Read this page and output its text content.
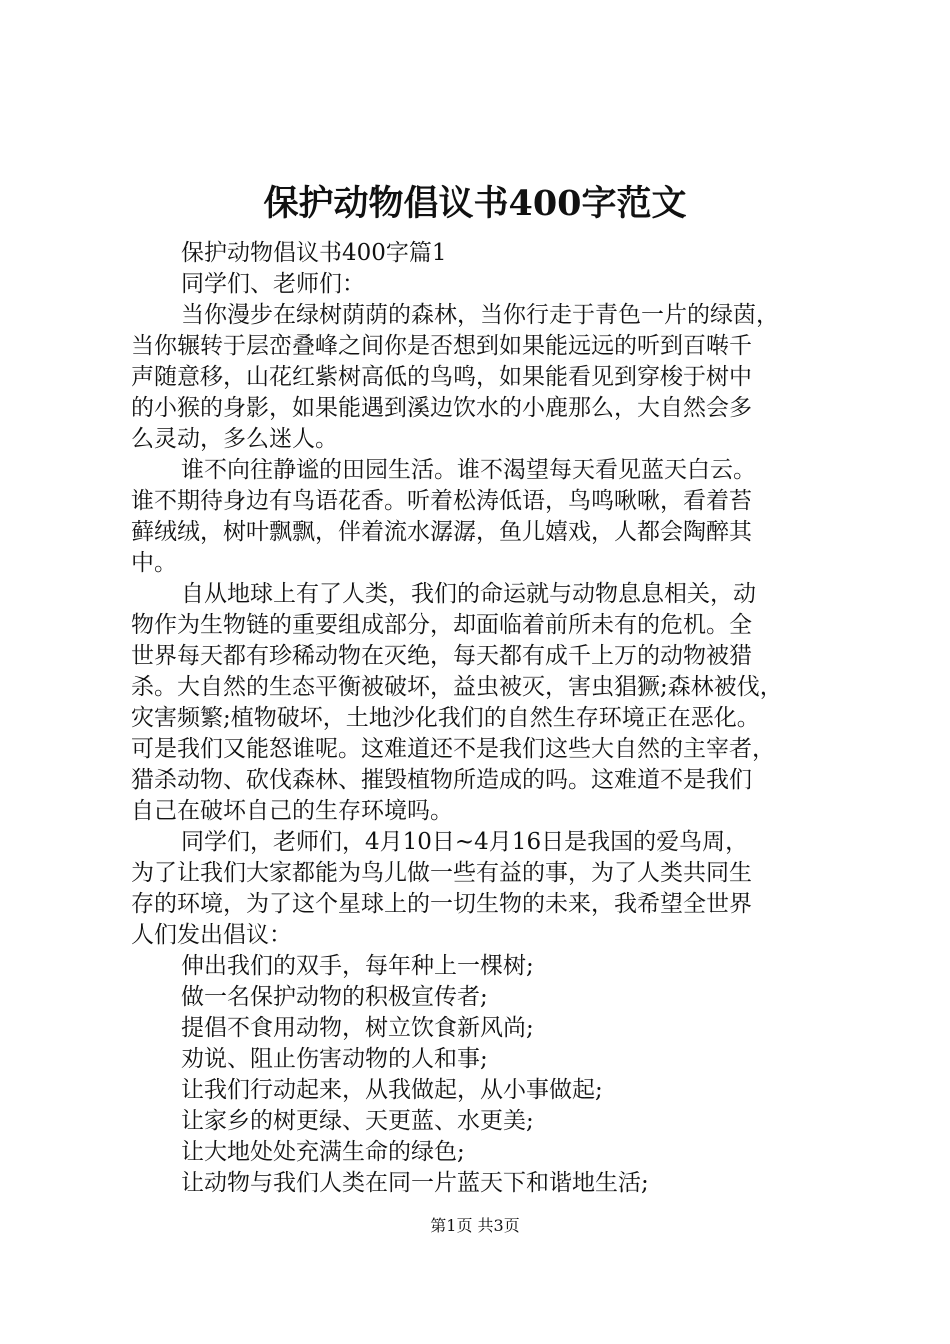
保护动物倡议书400字范文
保护动物倡议书400字篇1
同学们、老师们：
当你漫步在绿树荫荫的森林，当你行走于青色一片的绿茵，
当你辗转于层峦叠峰之间你是否想到如果能远远的听到百啭千
声随意移，山花红紫树高低的鸟鸣，如果能看见到穿梭于树中
的小猴的身影，如果能遇到溪边饮水的小鹿那么，大自然会多
么灵动，多么迷人。
谁不向往静谧的田园生活。谁不渴望每天看见蓝天白云。
谁不期待身边有鸟语花香。听着松涛低语，鸟鸣啾啾，看着苔
藓绒绒，树叶飘飘，伴着流水潺潺，鱼儿嬉戏，人都会陶醉其
中。
自从地球上有了人类，我们的命运就与动物息息相关，动
物作为生物链的重要组成部分，却面临着前所未有的危机。全
世界每天都有珍稀动物在灭绝，每天都有成千上万的动物被猎
杀。大自然的生态平衡被破坏，益虫被灭，害虫猖獗;森林被伐，
灾害频繁;植物破坏，土地沙化我们的自然生存环境正在恶化。
可是我们又能怒谁呢。这难道还不是我们这些大自然的主宰者，
猎杀动物、砍伐森林、摧毁植物所造成的吗。这难道不是我们
自己在破坏自己的生存环境吗。
同学们，老师们，4月10日~4月16日是我国的爱鸟周，
为了让我们大家都能为鸟儿做一些有益的事，为了人类共同生
存的环境，为了这个星球上的一切生物的未来，我希望全世界
人们发出倡议：
伸出我们的双手，每年种上一棵树;
做一名保护动物的积极宣传者;
提倡不食用动物，树立饮食新风尚;
劝说、阻止伤害动物的人和事;
让我们行动起来，从我做起，从小事做起;
让家乡的树更绿、天更蓝、水更美;
让大地处处充满生命的绿色;
让动物与我们人类在同一片蓝天下和谐地生活;
第1页 共3页
